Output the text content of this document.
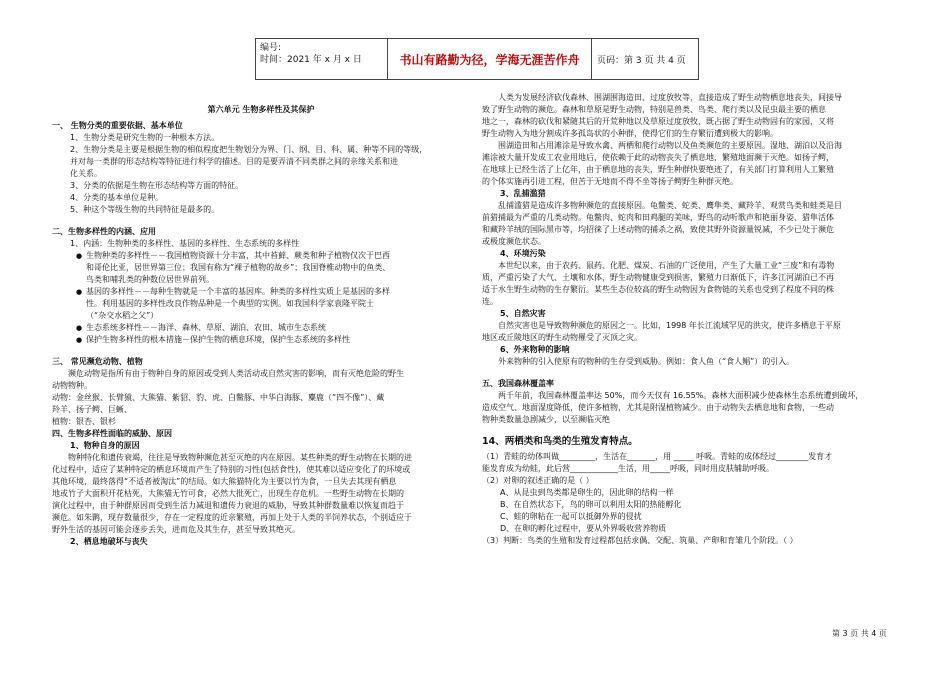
编号:
时间：2021 年 x 月 x 日	书山有路勤为径，学海无涯苦作舟	页码：第 3 页 共 4 页

第六单元 生物多样性及其保护

一、 生物分类的重要依据、基本单位

1、生物分类是研究生物的一种根本方法。

2、生物分类是主要是根据生物的相似程度把生物划分为界、门、纲、目、科、属、种等不同的等级，

并对每一类群的形态结构等特征进行科学的描述。目的是要弄清不同类群之间的亲缘关系和进

化关系。

3、分类的依据是生物在形态结构等方面的特征。

4、分类的基本单位是种。

5、种这个等级生物的共同特征是最多的。

二、生物多样性的内涵、应用

1、内涵：生物种类的多样性、基因的多样性、生态系统的多样性

● 生物种类的多样性－－我国植物资源十分丰富，其中苔藓、蕨类和种子植物仅次于巴西

和哥伦比亚，居世界第三位；我国有称为“裸子植物的故乡”；我国脊椎动物中的鱼类、

鸟类和哺乳类的种数位居世界前列。

● 基因的多样性－－每种生物就是一个丰富的基因库。种类的多样性实质上是基因的多样

性。利用基因的多样性改良作物品种是一个典型的实例。如我国科学家袁隆平院士

（“杂交水稻之父”）

● 生态系统多样性－－海洋、森林、草原、湖泊、农田、城市生态系统

● 保护生物多样性的根本措施－保护生物的栖息环境，保护生态系统的多样性

三、 常见濒危动物、植物

濒危动物是指所有由于物种自身的原因或受到人类活动或自然灾害的影响，而有灭绝危险的野生

动物物种。

动物：金丝猴、长臂猿、大熊猫、紫貂、豹、虎、白鳖豚、中华白海豚、麋鹿（“四不像”）、藏

羚羊、扬子鳄、巨蜥、

植物：银杏、银杉

四、生物多样性面临的威胁、原因

1、物种自身的原因

物种特化和遗传衰竭，往往是导致物种濒危甚至灭绝的内在原因。某些种类的野生动物在长期的进

化过程中，适应了某种特定的栖息环境而产生了特别的习性(包括食性)，使其难以适应变化了的环境或

其他环境，最终落得“不适者被淘汰”的结局。如大熊猫特化为主要以竹为食，一旦失去其现有栖息

地或竹子大面积开花枯死，大熊猫无竹可食，必然大批死亡，出现生存危机。一些野生动物在长期的

演化过程中，由于种群原因而受到生活力减退和遗传力衰退的威胁，导致其种群数量难以恢复而趋于

濒危。如朱鹮，现存数量很少，存在一定程度的近亲繁殖，再加上处于人类的半饲养状态，个别适应于

野外生活的基因可能会逐步丢失，进而危及其生存，甚至导致其绝灭。

2、栖息地破坏与丧失

人类为发展经济砍伐森林、围湖围海造田、过度放牧等，直接造成了野生动物栖息地丧失，间接导

致了野生动物的濒危。森林和草原是野生动物，特别是兽类、鸟类、爬行类以及昆虫最主要的栖息

地之一，森林的砍伐和紧随其后的开荒种地以及草原过度放牧，既占据了野生动物固有的家园，又将

野生动物入为地分割成许多孤岛状的小种群，使得它们的生存繁衍遭到极大的影响。

围湖造田和占用滩涂是导致水禽、两栖和爬行动物以及鱼类濒危的主要原因。湿地、湖泊以及沿海

滩涂被大量开发成工农业用地后，使依赖于此的动物丧失了栖息地，繁殖地面濒于灭绝。如扬子鳄，

在地球上已经生活了上亿年，由于栖息地的丧失，野生种群快要绝迹了，有关部门打算利用人工繁殖

的个体实施再引进工程，但苦于无地而不得不坐等扬子鳄野生种群灭绝。

3、乱捕滥猎

乱捕滥猎是造成许多物种濒危的直接原因。龟鳖类、蛇类、鹰隼类、藏羚羊、观赏鸟类和蛙类是目

前猎捕最为严重的几类动物。龟鳖肉、蛇肉和田鸡腿的美味，野鸟的动听歌声和艳丽身姿、猎隼活体

和藏羚羊绒的国际黑市等，均招徕了上述动物的捕杀之祸，致使其野外资源量锐减，不少已处于濒危

或极度濒危状态。

4、环境污染

本世纪以来，由于农药、鼠药、化肥、煤炭、石油的广泛使用，产生了大量工业“三废”和有毒物

质，严重污染了大气、土壤和水体，野生动物健康受到损害，繁殖力日渐低下，许多江河湖泊已不再

适于水生野生动物的生存繁衍。某些生态位较高的野生动物因为食物链的关系也受到了程度不同的株

连。

5、自然灾害

自然灾害也是导致物种濒危的原因之一。比如，1998 年长江流域罕见的洪灾，使许多栖息于平原

地区或丘陵地区的野生动物罹受了灭顶之灾。

6、外来物种的影响

外来物种的引入使原有的物种的生存受到威胁。例如：食人鱼（“食人鲳”）的引入。

五、我国森林覆盖率

两千年前，我国森林覆盖率达 50%，而今天仅有 16.55%。森林大面积减少使森林生态系统遭到破坏，

造成空气、地面湿度降低，使许多植物，尤其是附湿植物减少。由于动物失去栖息地和食物，一些动

物种类数量急剧减少，以至濒临灭绝

14、两栖类和鸟类的生殖发育特点。

（1）青蛙的幼体叫做_________，生活在_______，用 _____ 呼吸。青蛙的成体经过________发育才

能发育成为幼蛙，此后营____________生活，用_____呼吸，同时用皮肤辅助呼吸。

（2）对卵的叙述正确的是（ ）

A、从昆虫到鸟类都是卵生的，因此卵的结构一样

B、在自然状态下，鸟的卵可以利用太阳的热能孵化

C、蛙的卵粘在一起可以抵御外界的侵扰

D、在卵的孵化过程中，要从外界吸收营养物质

（3）判断：鸟类的生殖和发育过程都包括求偶、交配、筑巢、产卵和育雏几个阶段。（ ）

第 3 页 共 4 页
